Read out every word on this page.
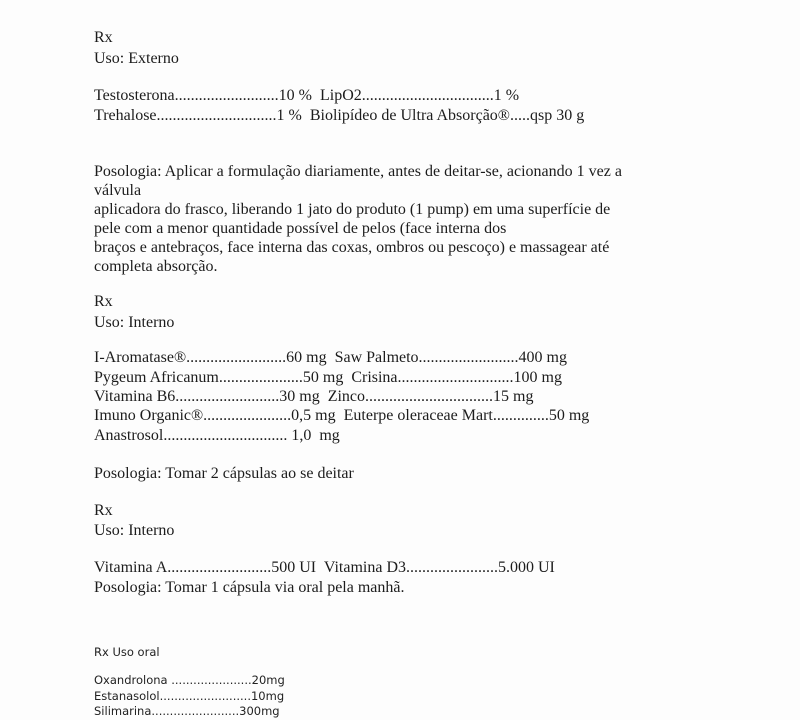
Rx
Uso: Externo
Testosterona..........................10 % LipO2.................................1 %
Trehalose..............................1 % Biolipídeo de Ultra Absorção®.....qsp 30 g
Posologia: Aplicar a formulação diariamente, antes de deitar-se, acionando 1 vez a
válvula
aplicadora do frasco, liberando 1 jato do produto (1 pump) em uma superfície de
pele com a menor quantidade possível de pelos (face interna dos
braços e antebraços, face interna das coxas, ombros ou pescoço) e massagear até
completa absorção.
Rx
Uso: Interno
I-Aromatase®.........................60 mg Saw Palmeto.........................400 mg
Pygeum Africanum.....................50 mg Crisina.............................100 mg
Vitamina B6..........................30 mg Zinco................................15 mg
Imuno Organic®......................0,5 mg Euterpe oleraceae Mart..............50 mg
Anastrosol............................... 1,0  mg
Posologia: Tomar 2 cápsulas ao se deitar
Rx
Uso: Interno
Vitamina A..........................500 UI Vitamina D3.......................5.000 UI
Posologia: Tomar 1 cápsula via oral pela manhã.
Rx Uso oral
Oxandrolona ......................20mg
Estanasolol.........................10mg
Silimarina........................300mg
